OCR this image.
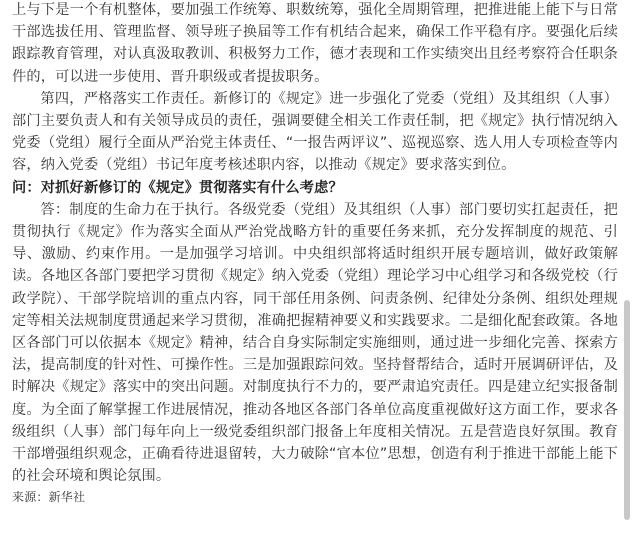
上与下是一个有机整体，要加强工作统筹、职数统筹，强化全周期管理，把推进能上能下与日常干部选拔任用、管理监督、领导班子换届等工作有机结合起来，确保工作平稳有序。要强化后续跟踪教育管理，对认真汲取教训、积极努力工作，德才表现和工作实绩突出且经考察符合任职条件的，可以进一步使用、晋升职级或者提拔职务。

第四，严格落实工作责任。新修订的《规定》进一步强化了党委（党组）及其组织（人事）部门主要负责人和有关领导成员的责任，强调要健全相关工作责任制，把《规定》执行情况纳入党委（党组）履行全面从严治党主体责任、“一报告两评议”、巡视巡察、选人用人专项检查等内容，纳入党委（党组）书记年度考核述职内容，以推动《规定》要求落实到位。

问：对抓好新修订的《规定》贯彻落实有什么考虑？

答：制度的生命力在于执行。各级党委（党组）及其组织（人事）部门要切实扛起责任，把贯彻执行《规定》作为落实全面从严治党战略方针的重要任务来抓，充分发挥制度的规范、引导、激励、约束作用。一是加强学习培训。中央组织部将适时组织开展专题培训，做好政策解读。各地区各部门要把学习贯彻《规定》纳入党委（党组）理论学习中心组学习和各级党校（行政学院）、干部学院培训的重点内容，同干部任用条例、问责条例、纪律处分条例、组织处理规定等相关法规制度贯通起来学习贯彻，准确把握精神要义和实践要求。二是细化配套政策。各地区各部门可以依据本《规定》精神，结合自身实际制定实施细则，通过进一步细化完善、探索方法，提高制度的针对性、可操作性。三是加强跟踪问效。坚持督帮结合，适时开展调研评估，及时解决《规定》落实中的突出问题。对制度执行不力的，要严肃追究责任。四是建立纪实报备制度。为全面了解掌握工作进展情况，推动各地区各部门各单位高度重视做好这方面工作，要求各级组织（人事）部门每年向上一级党委组织部门报备上年度相关情况。五是营造良好氛围。教育干部增强组织观念，正确看待进退留转，大力破除“官本位”思想，创造有利于推进干部能上能下的社会环境和舆论氛围。

来源：新华社
